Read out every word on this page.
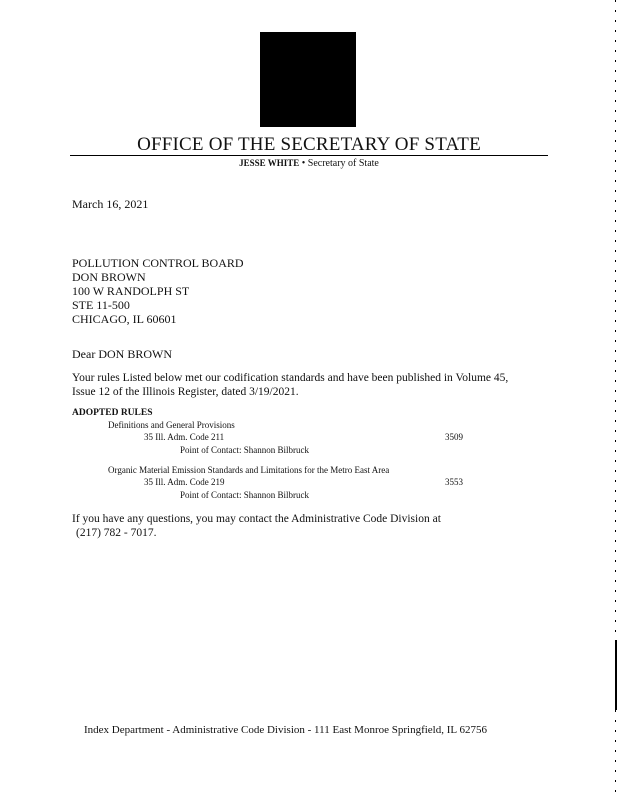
OFFICE OF THE SECRETARY OF STATE
JESSE WHITE • Secretary of State
March 16, 2021
POLLUTION CONTROL BOARD
DON BROWN
100 W RANDOLPH ST
STE 11-500
CHICAGO, IL 60601
Dear DON BROWN
Your rules Listed below met our codification standards and have been published in Volume 45,
Issue 12 of the Illinois Register, dated 3/19/2021.
ADOPTED RULES
Definitions and General Provisions
35 Ill. Adm. Code 211	3509
Point of Contact: Shannon Bilbruck
Organic Material Emission Standards and Limitations for the Metro East Area
35 Ill. Adm. Code 219	3553
Point of Contact: Shannon Bilbruck
If you have any questions, you may contact the Administrative Code Division at
(217) 782 - 7017.
Index Department - Administrative Code Division - 111 East Monroe Springfield, IL 62756
